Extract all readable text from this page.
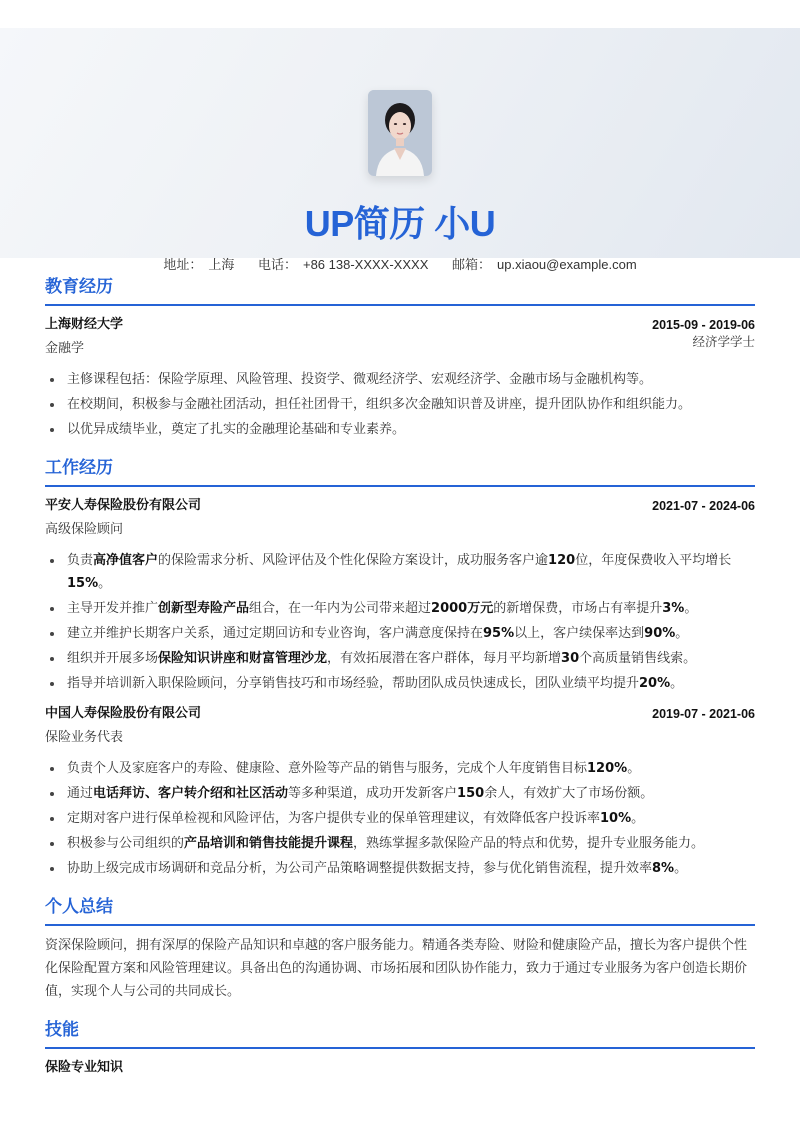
UP简历 小U
地址： 上海 电话： +86 138-XXXX-XXXX 邮箱： up.xiaou@example.com
教育经历
上海财经大学	2015-09 - 2019-06
金融学	经济学学士
主修课程包括：保险学原理、风险管理、投资学、微观经济学、宏观经济学、金融市场与金融机构等。
在校期间，积极参与金融社团活动，担任社团骨干，组织多次金融知识普及讲座，提升团队协作和组织能力。
以优异成绩毕业，奠定了扎实的金融理论基础和专业素养。
工作经历
平安人寿保险股份有限公司	2021-07 - 2024-06
高级保险顾问
负责高净值客户的保险需求分析、风险评估及个性化保险方案设计，成功服务客户逾120位，年度保费收入平均增长15%。
主导开发并推广创新型寿险产品组合，在一年内为公司带来超过2000万元的新增保费，市场占有率提升3%。
建立并维护长期客户关系，通过定期回访和专业咨询，客户满意度保持在95%以上，客户续保率达到90%。
组织并开展多场保险知识讲座和财富管理沙龙，有效拓展潜在客户群体，每月平均新增30个高质量销售线索。
指导并培训新入职保险顾问，分享销售技巧和市场经验，帮助团队成员快速成长，团队业绩平均提升20%。
中国人寿保险股份有限公司	2019-07 - 2021-06
保险业务代表
负责个人及家庭客户的寿险、健康险、意外险等产品的销售与服务，完成个人年度销售目标120%。
通过电话拜访、客户转介绍和社区活动等多种渠道，成功开发新客户150余人，有效扩大了市场份额。
定期对客户进行保单检视和风险评估，为客户提供专业的保单管理建议，有效降低客户投诉率10%。
积极参与公司组织的产品培训和销售技能提升课程，熟练掌握多款保险产品的特点和优势，提升专业服务能力。
协助上级完成市场调研和竞品分析，为公司产品策略调整提供数据支持，参与优化销售流程，提升效率8%。
个人总结

资深保险顾问，拥有深厚的保险产品知识和卓越的客户服务能力。精通各类寿险、财险和健康险产品，擅长为客户提供个性化保险配置方案和风险管理建议。具备出色的沟通协调、市场拓展和团队协作能力，致力于通过专业服务为客户创造长期价值，实现个人与公司的共同成长。

技能
保险专业知识
